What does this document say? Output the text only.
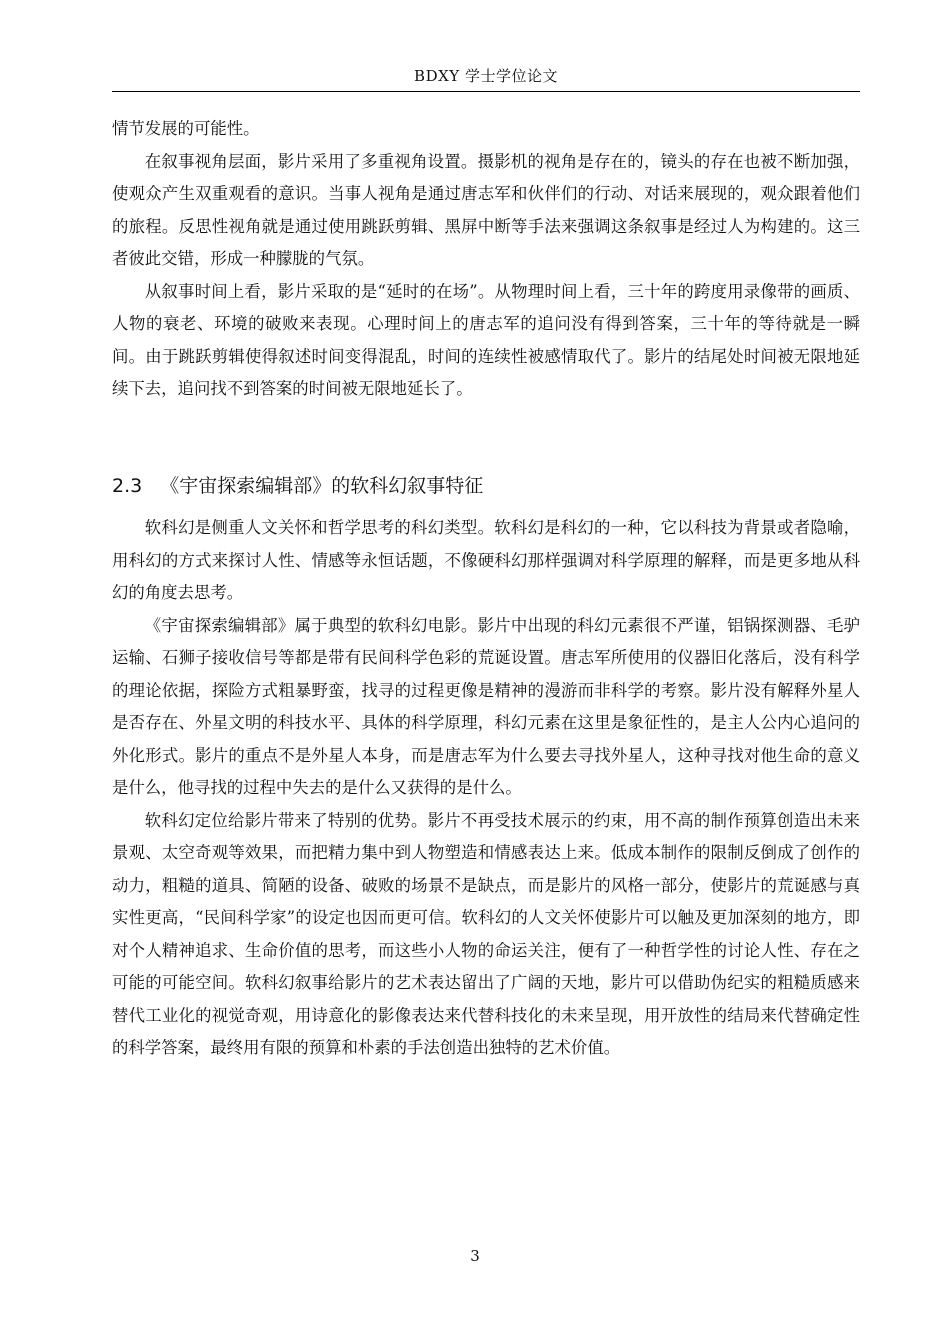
BDXY 学士学位论文

情节发展的可能性。

在叙事视角层面，影片采用了多重视角设置。摄影机的视角是存在的，镜头的存在也被不断加强，使观众产生双重观看的意识。当事人视角是通过唐志军和伙伴们的行动、对话来展现的，观众跟着他们的旅程。反思性视角就是通过使用跳跃剪辑、黑屏中断等手法来强调这条叙事是经过人为构建的。这三者彼此交错，形成一种朦胧的气氛。

从叙事时间上看，影片采取的是“延时的在场”。从物理时间上看，三十年的跨度用录像带的画质、人物的衰老、环境的破败来表现。心理时间上的唐志军的追问没有得到答案，三十年的等待就是一瞬间。由于跳跃剪辑使得叙述时间变得混乱，时间的连续性被感情取代了。影片的结尾处时间被无限地延续下去，追问找不到答案的时间被无限地延长了。

2.3 《宇宙探索编辑部》的软科幻叙事特征

软科幻是侧重人文关怀和哲学思考的科幻类型。软科幻是科幻的一种，它以科技为背景或者隐喻，用科幻的方式来探讨人性、情感等永恒话题，不像硬科幻那样强调对科学原理的解释，而是更多地从科幻的角度去思考。

《宇宙探索编辑部》属于典型的软科幻电影。影片中出现的科幻元素很不严谨，铝锅探测器、毛驴运输、石狮子接收信号等都是带有民间科学色彩的荒诞设置。唐志军所使用的仪器旧化落后，没有科学的理论依据，探险方式粗暴野蛮，找寻的过程更像是精神的漫游而非科学的考察。影片没有解释外星人是否存在、外星文明的科技水平、具体的科学原理，科幻元素在这里是象征性的，是主人公内心追问的外化形式。影片的重点不是外星人本身，而是唐志军为什么要去寻找外星人，这种寻找对他生命的意义是什么，他寻找的过程中失去的是什么又获得的是什么。

软科幻定位给影片带来了特别的优势。影片不再受技术展示的约束，用不高的制作预算创造出未来景观、太空奇观等效果，而把精力集中到人物塑造和情感表达上来。低成本制作的限制反倒成了创作的动力，粗糙的道具、简陋的设备、破败的场景不是缺点，而是影片的风格一部分，使影片的荒诞感与真实性更高，“民间科学家”的设定也因而更可信。软科幻的人文关怀使影片可以触及更加深刻的地方，即对个人精神追求、生命价值的思考，而这些小人物的命运关注，便有了一种哲学性的讨论人性、存在之可能的可能空间。软科幻叙事给影片的艺术表达留出了广阔的天地，影片可以借助伪纪实的粗糙质感来替代工业化的视觉奇观，用诗意化的影像表达来代替科技化的未来呈现，用开放性的结局来代替确定性的科学答案，最终用有限的预算和朴素的手法创造出独特的艺术价值。

3
